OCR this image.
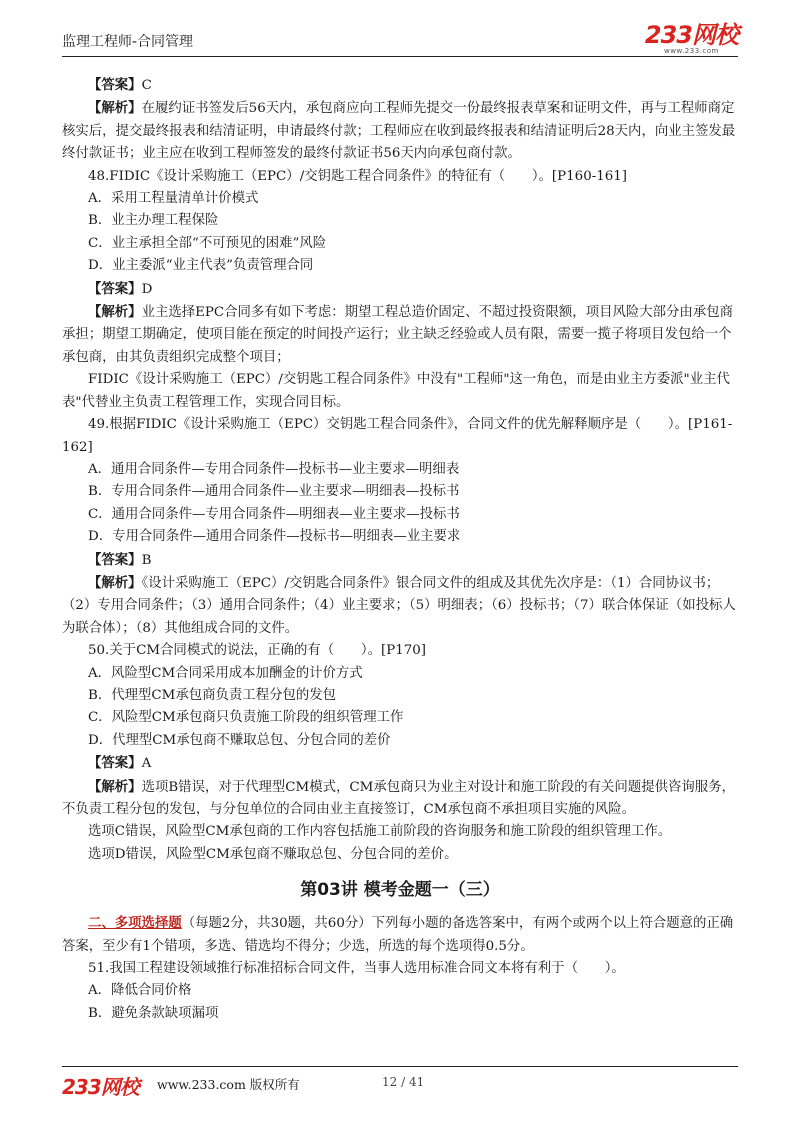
监理工程师-合同管理	233网校
www.233.com

【答案】C

【解析】在履约证书签发后56天内，承包商应向工程师先提交一份最终报表草案和证明文件，再与工程师商定核实后，提交最终报表和结清证明，申请最终付款；工程师应在收到最终报表和结清证明后28天内，向业主签发最终付款证书；业主应在收到工程师签发的最终付款证书56天内向承包商付款。

48.FIDIC《设计采购施工（EPC）/交钥匙工程合同条件》的特征有（　　）。[P160-161]

A．采用工程量清单计价模式

B．业主办理工程保险

C．业主承担全部“不可预见的困难”风险

D．业主委派“业主代表”负责管理合同

【答案】D

【解析】业主选择EPC合同多有如下考虑：期望工程总造价固定、不超过投资限额，项目风险大部分由承包商承担；期望工期确定，使项目能在预定的时间投产运行；业主缺乏经验或人员有限，需要一揽子将项目发包给一个承包商，由其负责组织完成整个项目；

FIDIC《设计采购施工（EPC）/交钥匙工程合同条件》中没有"工程师"这一角色，而是由业主方委派"业主代表"代替业主负责工程管理工作，实现合同目标。

49.根据FIDIC《设计采购施工（EPC）交钥匙工程合同条件》，合同文件的优先解释顺序是（　　）。[P161-162]

A．通用合同条件—专用合同条件—投标书—业主要求—明细表

B．专用合同条件—通用合同条件—业主要求—明细表—投标书

C．通用合同条件—专用合同条件—明细表—业主要求—投标书

D．专用合同条件—通用合同条件—投标书—明细表—业主要求

【答案】B

【解析】《设计采购施工（EPC）/交钥匙合同条件》银合同文件的组成及其优先次序是：（1）合同协议书；（2）专用合同条件；（3）通用合同条件；（4）业主要求；（5）明细表；（6）投标书；（7）联合体保证（如投标人为联合体）；（8）其他组成合同的文件。

50.关于CM合同模式的说法，正确的有（　　）。[P170]

A．风险型CM合同采用成本加酬金的计价方式

B．代理型CM承包商负责工程分包的发包

C．风险型CM承包商只负责施工阶段的组织管理工作

D．代理型CM承包商不赚取总包、分包合同的差价

【答案】A

【解析】选项B错误，对于代理型CM模式，CM承包商只为业主对设计和施工阶段的有关问题提供咨询服务，不负责工程分包的发包，与分包单位的合同由业主直接签订，CM承包商不承担项目实施的风险。

选项C错误，风险型CM承包商的工作内容包括施工前阶段的咨询服务和施工阶段的组织管理工作。

选项D错误，风险型CM承包商不赚取总包、分包合同的差价。

第03讲 模考金题一（三）

二、多项选择题（每题2分，共30题，共60分）下列每小题的备选答案中，有两个或两个以上符合题意的正确答案，至少有1个错项，多选、错选均不得分；少选，所选的每个选项得0.5分。

51.我国工程建设领域推行标准招标合同文件，当事人选用标准合同文本将有利于（　　）。

A．降低合同价格

B．避免条款缺项漏项

233网校 www.233.com 版权所有	12 / 41
